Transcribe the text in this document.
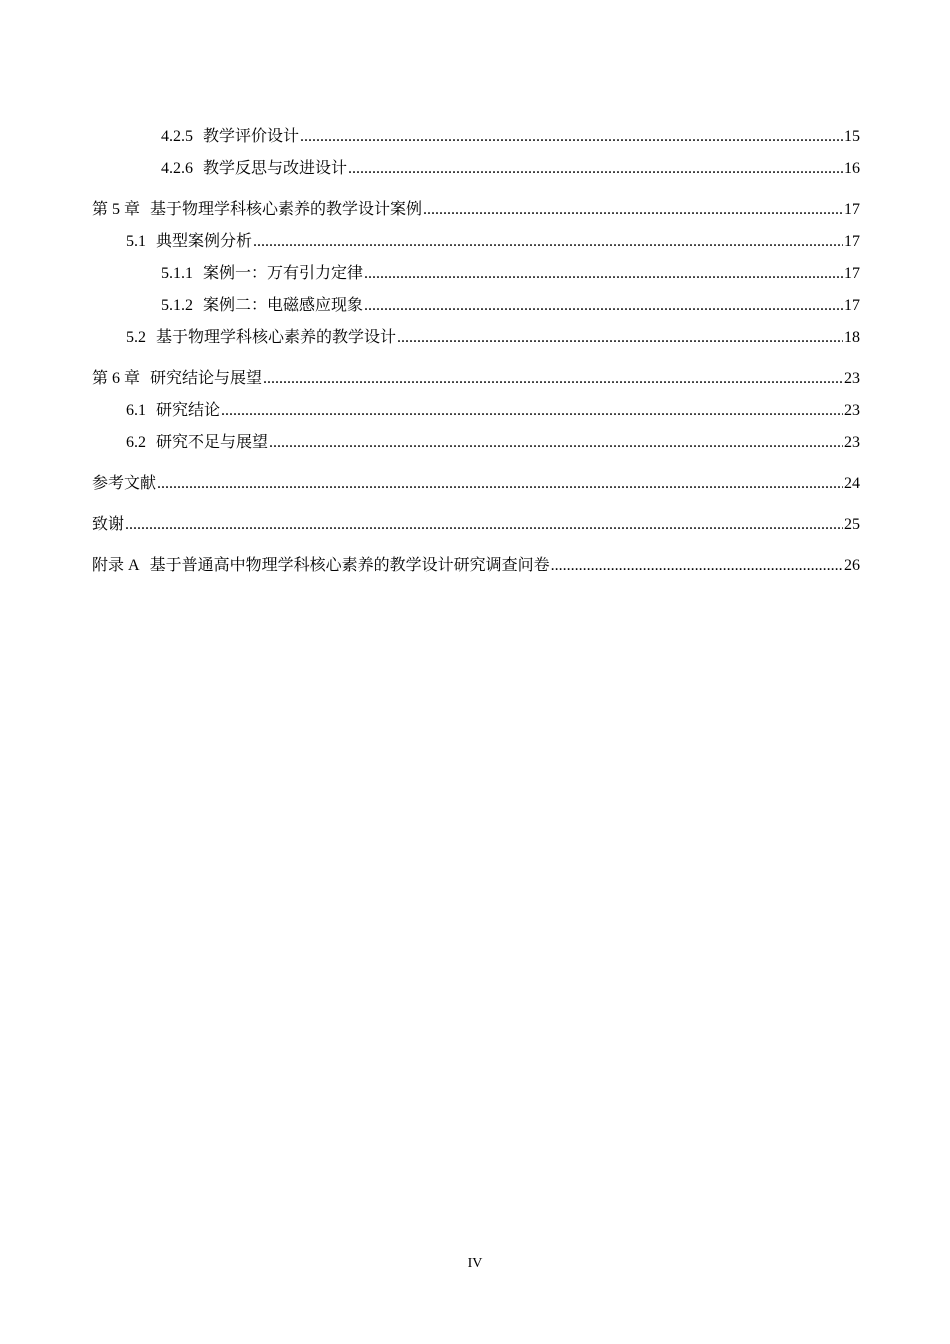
4.2.5 教学评价设计 .....	15
4.2.6 教学反思与改进设计 .....	16
第 5 章 基于物理学科核心素养的教学设计案例 .....	17
5.1 典型案例分析 .....	17
5.1.1 案例一：万有引力定律 .....	17
5.1.2 案例二：电磁感应现象 .....	17
5.2 基于物理学科核心素养的教学设计 .....	18
第 6 章 研究结论与展望 .....	23
6.1 研究结论 .....	23
6.2 研究不足与展望 .....	23
参考文献 .....	24
致谢 .....	25
附录 A 基于普通高中物理学科核心素养的教学设计研究调查问卷 .....	26
IV
